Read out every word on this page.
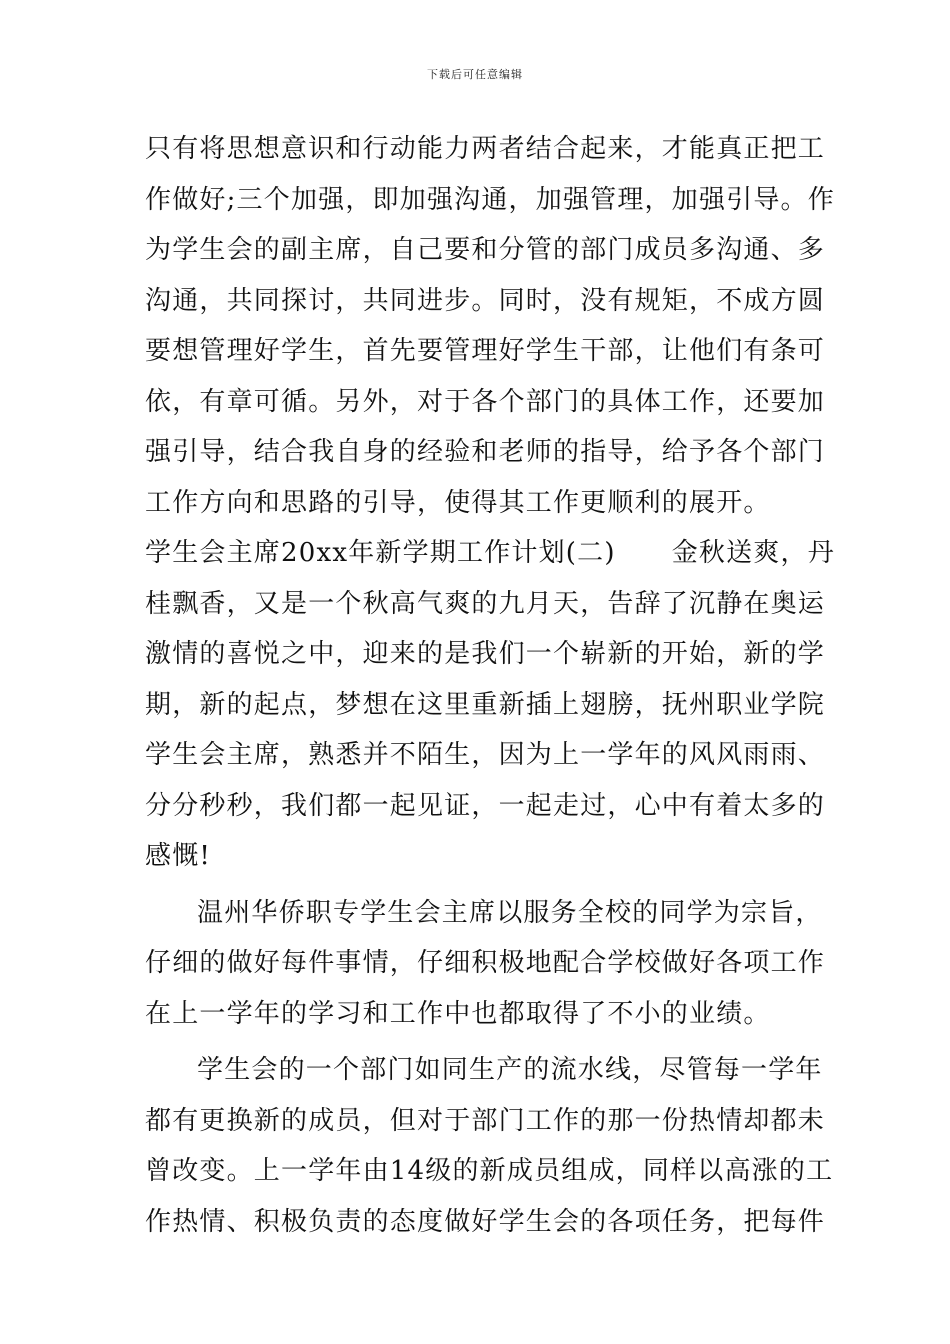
下载后可任意编辑
只有将思想意识和行动能力两者结合起来，才能真正把工
作做好;三个加强，即加强沟通，加强管理，加强引导。作
为学生会的副主席，自己要和分管的部门成员多沟通、多
沟通，共同探讨，共同进步。同时，没有规矩，不成方圆
要想管理好学生，首先要管理好学生干部，让他们有条可
依，有章可循。另外，对于各个部门的具体工作，还要加
强引导，结合我自身的经验和老师的指导，给予各个部门
工作方向和思路的引导，使得其工作更顺利的展开。
学生会主席20xx年新学期工作计划(二) 金秋送爽，丹
桂飘香，又是一个秋高气爽的九月天，告辞了沉静在奥运
激情的喜悦之中，迎来的是我们一个崭新的开始，新的学
期，新的起点，梦想在这里重新插上翅膀，抚州职业学院
学生会主席，熟悉并不陌生，因为上一学年的风风雨雨、
分分秒秒，我们都一起见证，一起走过，心中有着太多的
感慨!
温州华侨职专学生会主席以服务全校的同学为宗旨，
仔细的做好每件事情，仔细积极地配合学校做好各项工作
在上一学年的学习和工作中也都取得了不小的业绩。
学生会的一个部门如同生产的流水线，尽管每一学年
都有更换新的成员，但对于部门工作的那一份热情却都未
曾改变。上一学年由14级的新成员组成，同样以高涨的工
作热情、积极负责的态度做好学生会的各项任务，把每件
